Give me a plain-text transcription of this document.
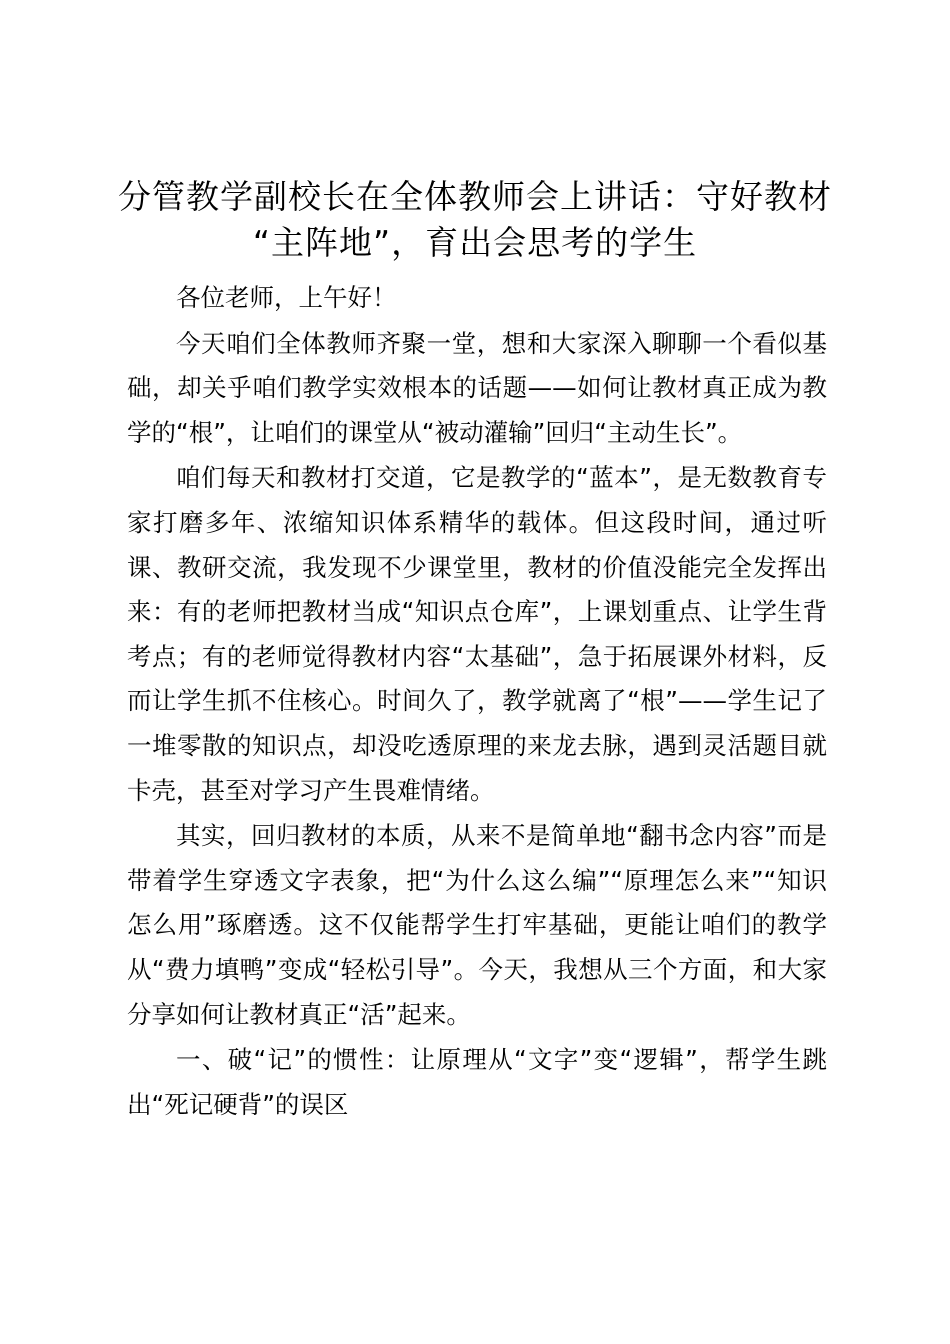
分管教学副校长在全体教师会上讲话：守好教材 “主阵地”，育出会思考的学生

各位老师，上午好！

今天咱们全体教师齐聚一堂，想和大家深入聊聊一个看似基础，却关乎咱们教学实效根本的话题——如何让教材真正成为教学的“根”，让咱们的课堂从“被动灌输”回归“主动生长”。

咱们每天和教材打交道，它是教学的“蓝本”，是无数教育专家打磨多年、浓缩知识体系精华的载体。但这段时间，通过听课、教研交流，我发现不少课堂里，教材的价值没能完全发挥出来：有的老师把教材当成“知识点仓库”，上课划重点、让学生背考点；有的老师觉得教材内容“太基础”，急于拓展课外材料，反而让学生抓不住核心。时间久了，教学就离了“根”——学生记了一堆零散的知识点，却没吃透原理的来龙去脉，遇到灵活题目就卡壳，甚至对学习产生畏难情绪。

其实，回归教材的本质，从来不是简单地“翻书念内容”而是带着学生穿透文字表象，把“为什么这么编”“原理怎么来”“知识怎么用”琢磨透。这不仅能帮学生打牢基础，更能让咱们的教学从“费力填鸭”变成“轻松引导”。今天，我想从三个方面，和大家分享如何让教材真正“活”起来。

一、破“记”的惯性：让原理从“文字”变“逻辑”，帮学生跳出“死记硬背”的误区
